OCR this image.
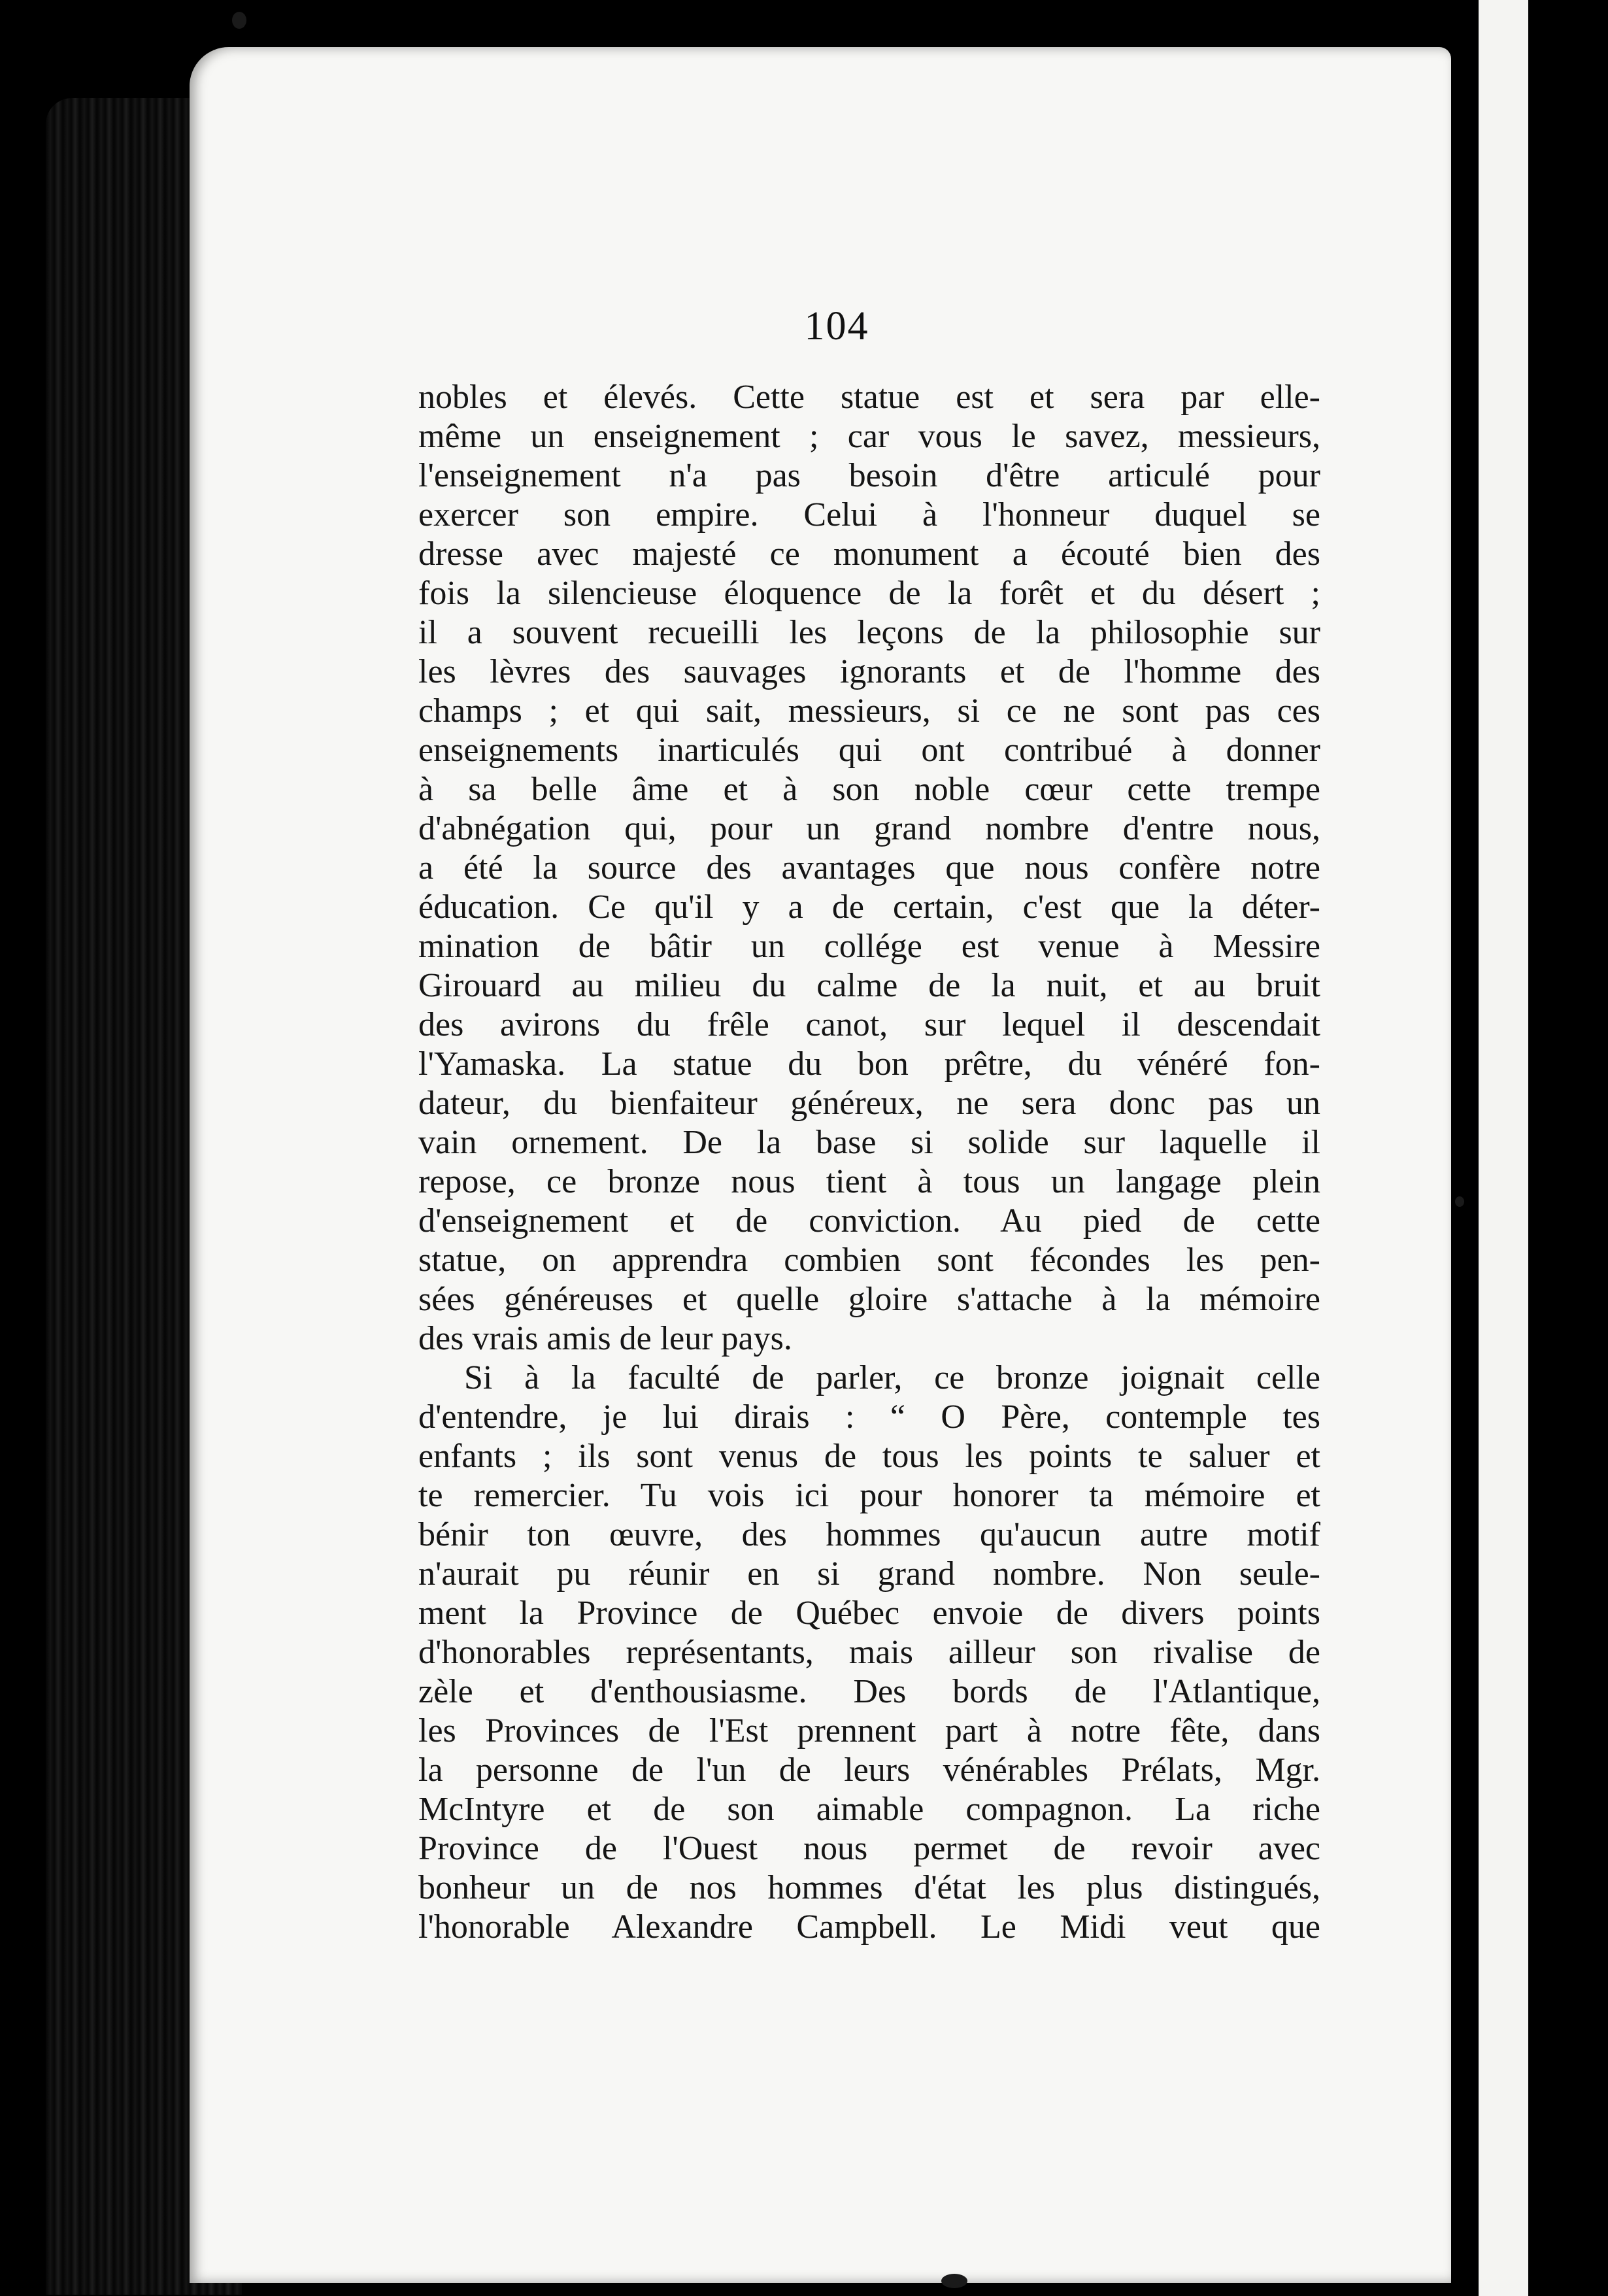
104
nobles et élevés. Cette statue est et sera par elle-
même un enseignement ; car vous le savez, messieurs,
l'enseignement n'a pas besoin d'être articulé pour
exercer son empire. Celui à l'honneur duquel se
dresse avec majesté ce monument a écouté bien des
fois la silencieuse éloquence de la forêt et du désert ;
il a souvent recueilli les leçons de la philosophie sur
les lèvres des sauvages ignorants et de l'homme des
champs ; et qui sait, messieurs, si ce ne sont pas ces
enseignements inarticulés qui ont contribué à donner
à sa belle âme et à son noble cœur cette trempe
d'abnégation qui, pour un grand nombre d'entre nous,
a été la source des avantages que nous confère notre
éducation. Ce qu'il y a de certain, c'est que la déter-
mination de bâtir un collége est venue à Messire
Girouard au milieu du calme de la nuit, et au bruit
des avirons du frêle canot, sur lequel il descendait
l'Yamaska. La statue du bon prêtre, du vénéré fon-
dateur, du bienfaiteur généreux, ne sera donc pas un
vain ornement. De la base si solide sur laquelle il
repose, ce bronze nous tient à tous un langage plein
d'enseignement et de conviction. Au pied de cette
statue, on apprendra combien sont fécondes les pen-
sées généreuses et quelle gloire s'attache à la mémoire
des vrais amis de leur pays.
Si à la faculté de parler, ce bronze joignait celle
d'entendre, je lui dirais : “ O Père, contemple tes
enfants ; ils sont venus de tous les points te saluer et
te remercier. Tu vois ici pour honorer ta mémoire et
bénir ton œuvre, des hommes qu'aucun autre motif
n'aurait pu réunir en si grand nombre. Non seule-
ment la Province de Québec envoie de divers points
d'honorables représentants, mais ailleur son rivalise de
zèle et d'enthousiasme. Des bords de l'Atlantique,
les Provinces de l'Est prennent part à notre fête, dans
la personne de l'un de leurs vénérables Prélats, Mgr.
McIntyre et de son aimable compagnon. La riche
Province de l'Ouest nous permet de revoir avec
bonheur un de nos hommes d'état les plus distingués,
l'honorable Alexandre Campbell. Le Midi veut que
